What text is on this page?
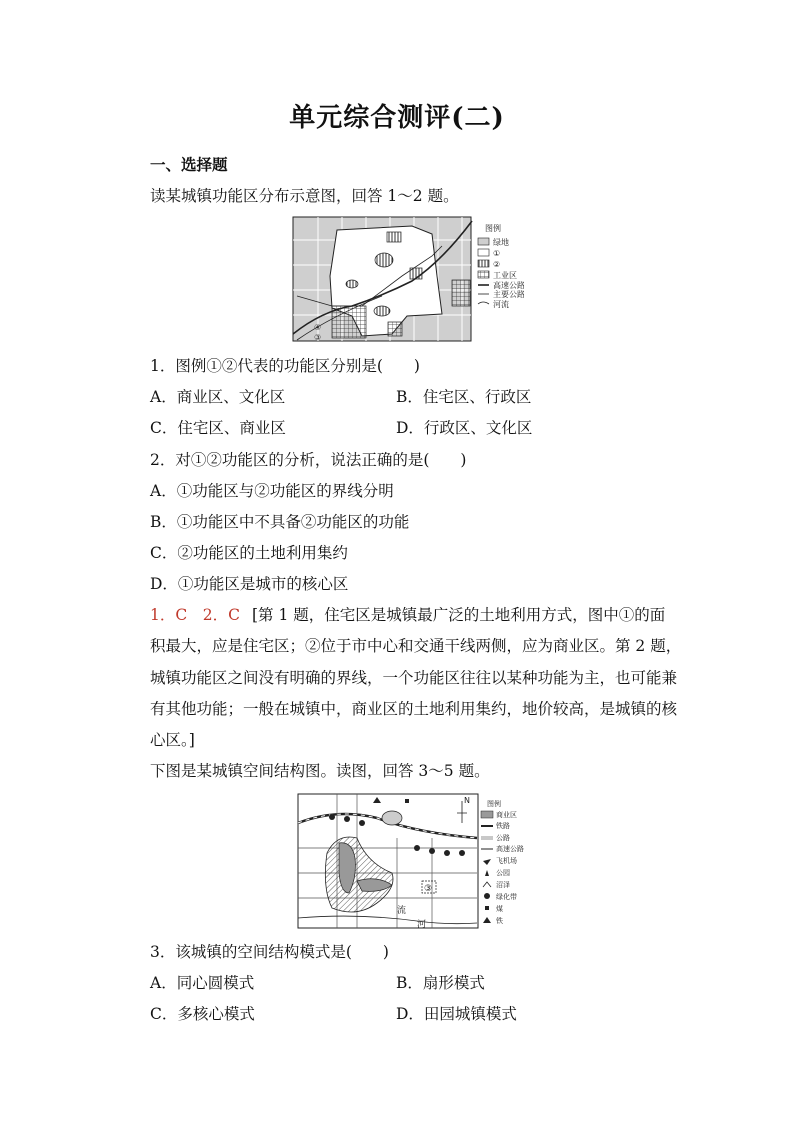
单元综合测评(二)
一、选择题
读某城镇功能区分布示意图，回答 1～2 题。
④
③
图例
绿地
①
②
工业区
高速公路
主要公路
河流
1．图例①②代表的功能区分别是(　　)
A．商业区、文化区	B．住宅区、行政区
C．住宅区、商业区	D．行政区、文化区
2．对①②功能区的分析，说法正确的是(　　)
A．①功能区与②功能区的界线分明
B．①功能区中不具备②功能区的功能
C．②功能区的土地利用集约
D．①功能区是城市的核心区
1．C　2．C [第 1 题，住宅区是城镇最广泛的土地利用方式，图中①的面
积最大，应是住宅区；②位于市中心和交通干线两侧，应为商业区。第 2 题，
城镇功能区之间没有明确的界线，一个功能区往往以某种功能为主，也可能兼
有其他功能；一般在城镇中，商业区的土地利用集约，地价较高，是城镇的核
心区。]
下图是某城镇空间结构图。读图，回答 3～5 题。
③
流
河
N 图例
商业区
铁路
公路
高速公路
飞机场
公园
沼泽
绿化带
煤
铁
3．该城镇的空间结构模式是(　　)
A．同心圆模式	B．扇形模式
C．多核心模式	D．田园城镇模式
